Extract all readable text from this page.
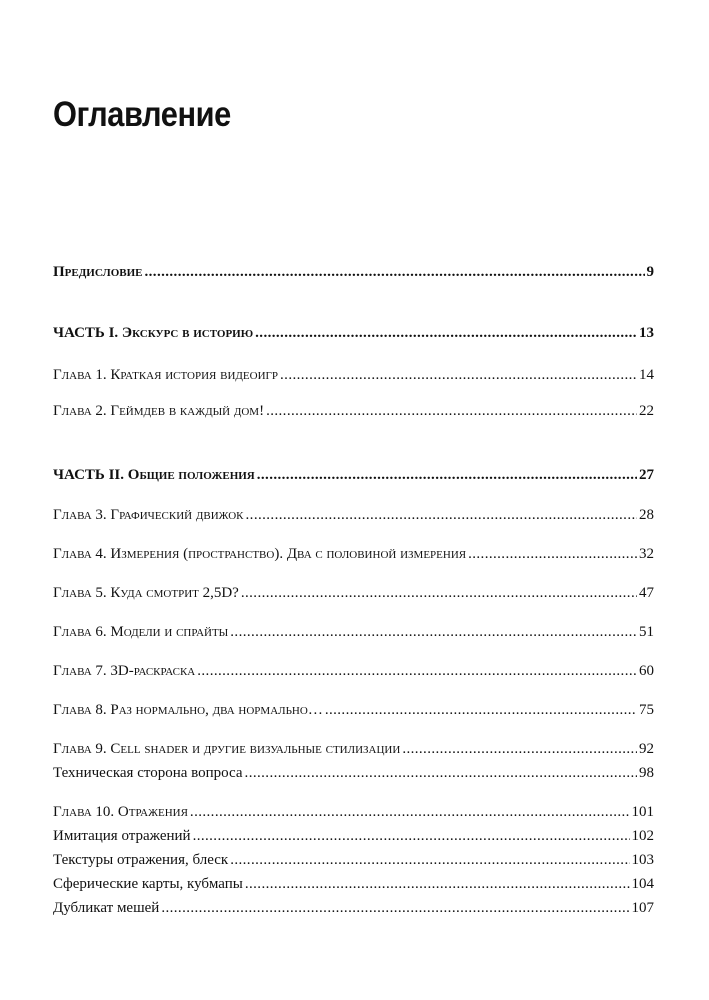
Оглавление
Предисловие .....	9
ЧАСТЬ I. Экскурс в историю .....	13
Глава 1. Краткая история видеоигр .....	14
Глава 2. Геймдев в каждый дом! .....	22
ЧАСТЬ II. Общие положения .....	27
Глава 3. Графический движок .....	28
Глава 4. Измерения (пространство). Два с половиной измерения .....	32
Глава 5. Куда смотрит 2,5D? .....	47
Глава 6. Модели и спрайты .....	51
Глава 7. 3D-раскраска .....	60
Глава 8. Раз нормально, два нормально… .....	75
Глава 9. Cell shader и другие визуальные стилизации .....	92
Техническая сторона вопроса .....	98
Глава 10. Отражения .....	101
Имитация отражений .....	102
Текстуры отражения, блеск .....	103
Сферические карты, кубмапы .....	104
Дубликат мешей .....	107
